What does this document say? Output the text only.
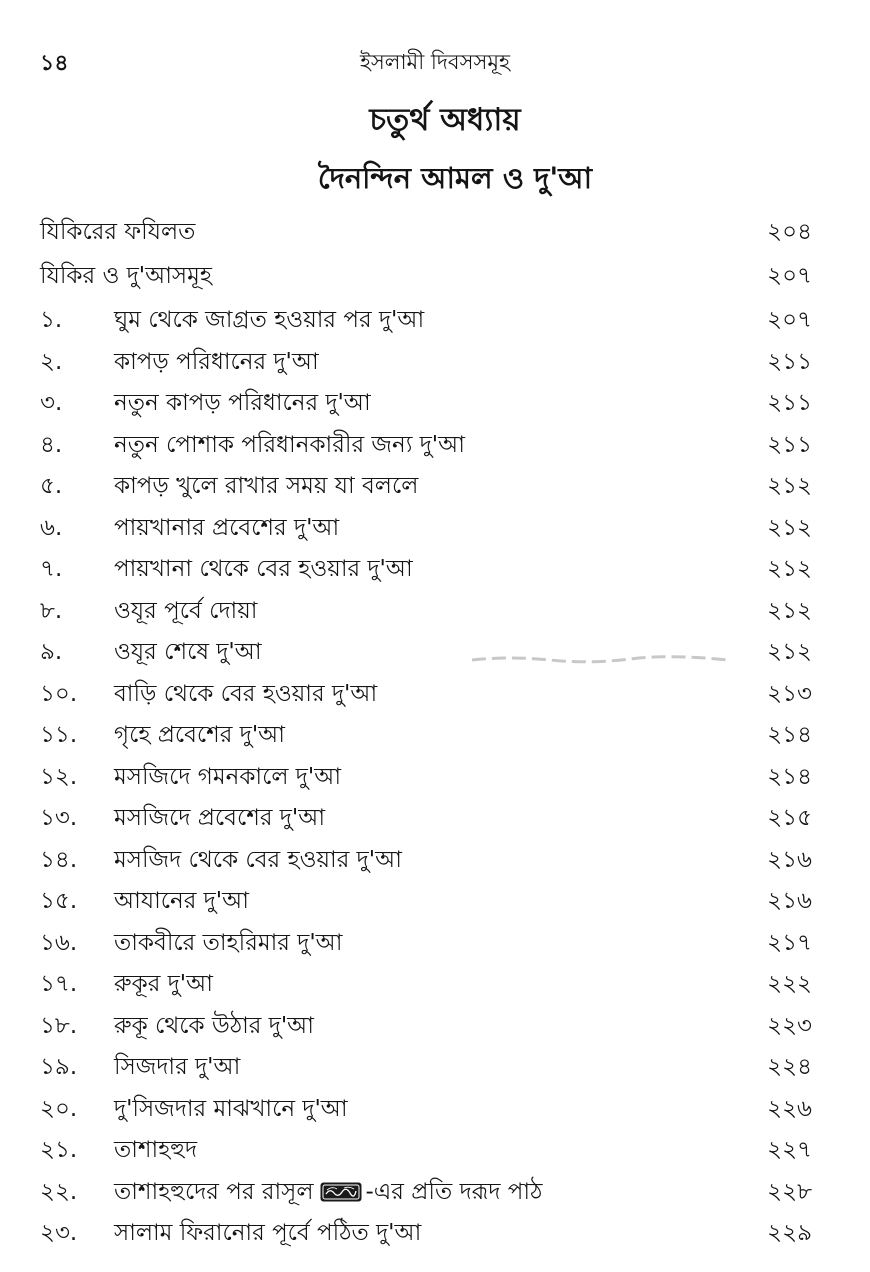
১৪	ইসলামী দিবসসমূহ
চতুর্থ অধ্যায়
দৈনন্দিন আমল ও দু'আ
যিকিরের ফযিলত	২০৪
যিকির ও দু'আসমূহ	২০৭
১.	ঘুম থেকে জাগ্রত হওয়ার পর দু'আ	২০৭
২.	কাপড় পরিধানের দু'আ	২১১
৩.	নতুন কাপড় পরিধানের দু'আ	২১১
৪.	নতুন পোশাক পরিধানকারীর জন্য দু'আ	২১১
৫.	কাপড় খুলে রাখার সময় যা বললে	২১২
৬.	পায়খানার প্রবেশের দু'আ	২১২
৭.	পায়খানা থেকে বের হওয়ার দু'আ	২১২
৮.	ওযূর পূর্বে দোয়া	২১২
৯.	ওযূর শেষে দু'আ	২১২
১০.	বাড়ি থেকে বের হওয়ার দু'আ	২১৩
১১.	গৃহে প্রবেশের দু'আ	২১৪
১২.	মসজিদে গমনকালে দু'আ	২১৪
১৩.	মসজিদে প্রবেশের দু'আ	২১৫
১৪.	মসজিদ থেকে বের হওয়ার দু'আ	২১৬
১৫.	আযানের দু'আ	২১৬
১৬.	তাকবীরে তাহরিমার দু'আ	২১৭
১৭.	রুকূর দু'আ	২২২
১৮.	রুকূ থেকে উঠার দু'আ	২২৩
১৯.	সিজদার দু'আ	২২৪
২০.	দু'সিজদার মাঝখানে দু'আ	২২৬
২১.	তাশাহহুদ	২২৭
২২.	তাশাহহুদের পর রাসূল -এর প্রতি দরূদ পাঠ	২২৮
২৩.	সালাম ফিরানোর পূর্বে পঠিত দু'আ	২২৯
